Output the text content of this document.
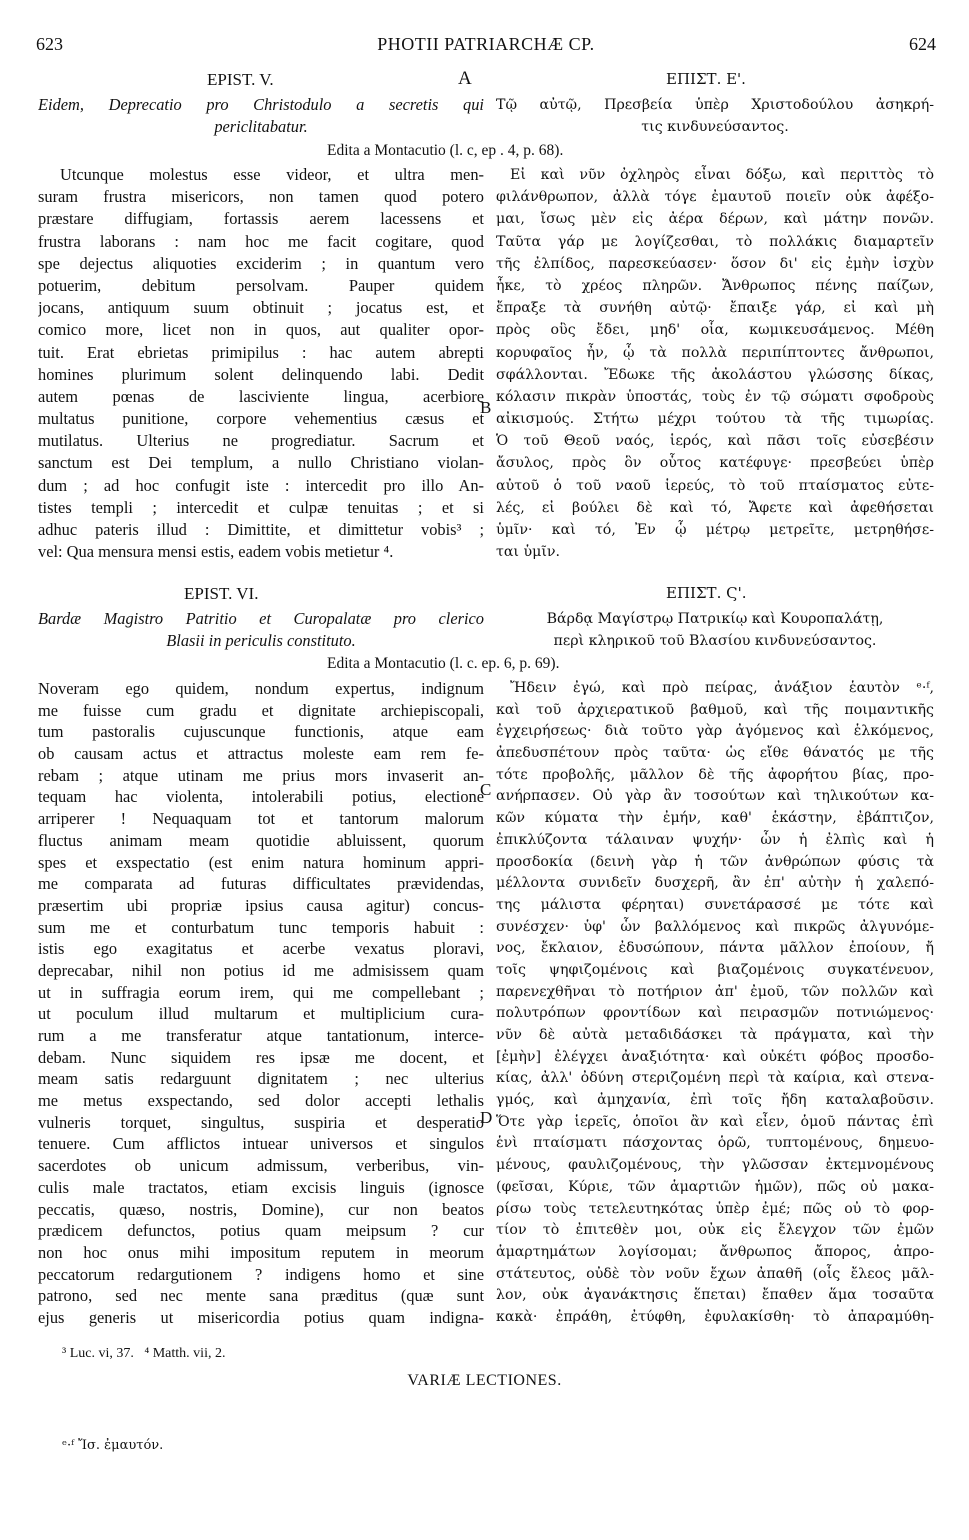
623	PHOTII PATRIARCHÆ CP.	624
EPIST. V.	A	ΕΠΙΣΤ. Ε'.
Eidem, Deprecatio pro Christodulo a secretis qui
periclitabatur.
Τῷ αὐτῷ, Πρεσβεία ὑπὲρ Χριστοδούλου ἀσηκρή-
τις κινδυνεύσαντος.
Edita a Montacutio (l. c, ep . 4, p. 68).
Utcunque molestus esse videor, et ultra men-
suram frustra misericors, non tamen quod potero
præstare diffugiam, fortassis aerem lacessens et
frustra laborans : nam hoc me facit cogitare, quod
spe dejectus aliquoties exciderim ; in quantum vero
potuerim, debitum persolvam. Pauper quidem
jocans, antiquum suum obtinuit ; jocatus est, et
comico more, licet non in quos, aut qualiter opor-
tuit. Erat ebrietas primipilus : hac autem abrepti
homines plurimum solent delinquendo labi. Dedit
autem pœnas de lasciviente lingua, acerbiore
multatus punitione, corpore vehementius cæsus et
mutilatus. Ulterius ne progrediatur. Sacrum et
sanctum est Dei templum, a nullo Christiano violan-
dum ; ad hoc confugit iste : intercedit pro illo An-
tistes templi ; intercedit et culpæ tenuitas ; et si
adhuc pateris illud : Dimittite, et dimittetur vobis³ ;
vel: Qua mensura mensi estis, eadem vobis metietur ⁴.
B
Εἰ καὶ νῦν ὀχληρὸς εἶναι δόξω, καὶ περιττὸς τὸ
φιλάνθρωπον, ἀλλὰ τόγε ἐμαυτοῦ ποιεῖν οὐκ ἀφέξο-
μαι, ἴσως μὲν εἰς ἀέρα δέρων, καὶ μάτην πονῶν.
Ταῦτα γάρ με λογίζεσθαι, τὸ πολλάκις διαμαρτεῖν
τῆς ἐλπίδος, παρεσκεύασεν· ὅσον δι' εἰς ἐμὴν ἰσχὺν
ἧκε, τὸ χρέος πληρῶν. Ἄνθρωπος πένης παίζων,
ἔπραξε τὰ συνήθη αὐτῷ· ἔπαιξε γάρ, εἰ καὶ μὴ
πρὸς οὓς ἔδει, μηδ' οἷα, κωμικευσάμενος. Μέθη
κορυφαῖος ἦν, ᾧ τὰ πολλὰ περιπίπτοντες ἄνθρωποι,
σφάλλονται. Ἔδωκε τῆς ἀκολάστου γλώσσης δίκας,
κόλασιν πικρὰν ὑποστάς, τοὺς ἐν τῷ σώματι σφοδροὺς
αἰκισμούς. Στήτω μέχρι τούτου τὰ τῆς τιμωρίας.
Ὁ τοῦ Θεοῦ ναός, ἱερός, καὶ πᾶσι τοῖς εὐσεβέσιν
ἄσυλος, πρὸς ὃν οὗτος κατέφυγε· πρεσβεύει ὑπὲρ
αὐτοῦ ὁ τοῦ ναοῦ ἱερεύς, τὸ τοῦ πταίσματος εὐτε-
λές, εἰ βούλει δὲ καὶ τό, Ἄφετε καὶ ἀφεθήσεται
ὑμῖν· καὶ τό, Ἐν ᾧ μέτρῳ μετρεῖτε, μετρηθήσε-
ται ὑμῖν.
EPIST. VI.	ΕΠΙΣΤ. Ϛ'.
Bardæ Magistro Patritio et Curopalatæ pro clerico
Blasii in periculis constituto.
Βάρδᾳ Μαγίστρῳ Πατρικίῳ καὶ Κουροπαλάτῃ,
περὶ κληρικοῦ τοῦ Βλασίου κινδυνεύσαντος.
Edita a Montacutio (l. c. ep. 6, p. 69).
Noveram ego quidem, nondum expertus, indignum
me fuisse cum gradu et dignitate archiepiscopali,
tum pastoralis cujuscunque functionis, atque eam
ob causam actus et attractus moleste eam rem fe-
rebam ; atque utinam me prius mors invaserit an-
tequam hac violenta, intolerabili potius, electione
arriperer ! Nequaquam tot et tantorum malorum
fluctus animam meam quotidie abluissent, quorum
spes et exspectatio (est enim natura hominum appri-
me comparata ad futuras difficultates prævidendas,
præsertim ubi propriæ ipsius causa agitur) concus-
sum me et conturbatum tunc temporis habuit :
istis ego exagitatus et acerbe vexatus ploravi,
deprecabar, nihil non potius id me admisissem quam
ut in suffragia eorum irem, qui me compellebant ;
ut poculum illud multarum et multiplicium cura-
rum a me transferatur atque tantationum, interce-
debam. Nunc siquidem res ipsæ me docent, et
meam satis redarguunt dignitatem ; nec ulterius
me metus exspectando, sed dolor accepti lethalis
vulneris torquet, singultus, suspiria et desperatio
tenuere. Cum afflictos intuear universos et singulos
sacerdotes ob unicum admissum, verberibus, vin-
culis male tractatos, etiam excisis linguis (ignosce
peccatis, quæso, nostris, Domine), cur non beatos
prædicem defunctos, potius quam meipsum ? cur
non hoc onus mihi impositum reputem in meorum
peccatorum redargutionem ? indigens homo et sine
patrono, sed nec mente sana præditus (quæ sunt
ejus generis ut misericordia potius quam indigna-
C
D
Ἤδειν ἐγώ, καὶ πρὸ πείρας, ἀνάξιον ἑαυτὸν ᵉ·ᶠ,
καὶ τοῦ ἀρχιερατικοῦ βαθμοῦ, καὶ τῆς ποιμαντικῆς
ἐγχειρήσεως· διὰ τοῦτο γὰρ ἀγόμενος καὶ ἑλκόμενος,
ἀπεδυσπέτουν πρὸς ταῦτα· ὡς εἴθε θάνατός με τῆς
τότε προβολῆς, μᾶλλον δὲ τῆς ἀφορήτου βίας, προ-
ανήρπασεν. Οὐ γὰρ ἂν τοσούτων καὶ τηλικούτων κα-
κῶν κύματα τὴν ἐμήν, καθ' ἑκάστην, ἐβάπτιζον,
ἐπικλύζοντα τάλαιναν ψυχήν· ὧν ἡ ἐλπὶς καὶ ἡ
προσδοκία (δεινὴ γὰρ ἡ τῶν ἀνθρώπων φύσις τὰ
μέλλοντα συνιδεῖν δυσχερῆ, ἂν ἐπ' αὐτὴν ἡ χαλεπό-
της μάλιστα φέρηται) συνετάρασσέ με τότε καὶ
συνέσχεν· ὑφ' ὧν βαλλόμενος καὶ πικρῶς ἀλγυνόμε-
νος, ἔκλαιον, ἐδυσώπουν, πάντα μᾶλλον ἐποίουν, ἤ
τοῖς ψηφιζομένοις καὶ βιαζομένοις συγκατένευον,
παρενεχθῆναι τὸ ποτήριον ἀπ' ἐμοῦ, τῶν πολλῶν καὶ
πολυτρόπων φροντίδων καὶ πειρασμῶν ποτνιώμενος·
νῦν δὲ αὐτὰ μεταδιδάσκει τὰ πράγματα, καὶ τὴν
[ἐμὴν] ἐλέγχει ἀναξιότητα· καὶ οὐκέτι φόβος προσδο-
κίας, ἀλλ' ὀδύνη στεριζομένη περὶ τὰ καίρια, καὶ στενα-
γμός, καὶ ἀμηχανία, ἐπὶ τοῖς ἤδη καταλαβοῦσιν.
Ὅτε γὰρ ἱερεῖς, ὁποῖοι ἂν καὶ εἶεν, ὁμοῦ πάντας ἐπὶ
ἑνὶ πταίσματι πάσχοντας ὁρῶ, τυπτομένους, δημευο-
μένους, φαυλιζομένους, τὴν γλῶσσαν ἐκτεμνομένους
(φεῖσαι, Κύριε, τῶν ἁμαρτιῶν ἡμῶν), πῶς οὐ μακα-
ρίσω τοὺς τετελευτηκότας ὑπὲρ ἐμέ; πῶς οὐ τὸ φορ-
τίον τὸ ἐπιτεθὲν μοι, οὐκ εἰς ἔλεγχον τῶν ἐμῶν
ἁμαρτημάτων λογίσομαι; ἄνθρωπος ἄπορος, ἀπρο-
στάτευτος, οὐδὲ τὸν νοῦν ἔχων ἀπαθῆ (οἷς ἔλεος μᾶλ-
λον, οὐκ ἀγανάκτησις ἕπεται) ἔπαθεν ἅμα τοσαῦτα
κακὰ· ἐπράθη, ἐτύφθη, ἐφυλακίσθη· τὸ ἀπαραμύθη-
³ Luc. vi, 37.   ⁴ Matth. vii, 2.
VARIÆ LECTIONES.
ᵉ·ᶠ Ἴσ. ἐμαυτόν.
